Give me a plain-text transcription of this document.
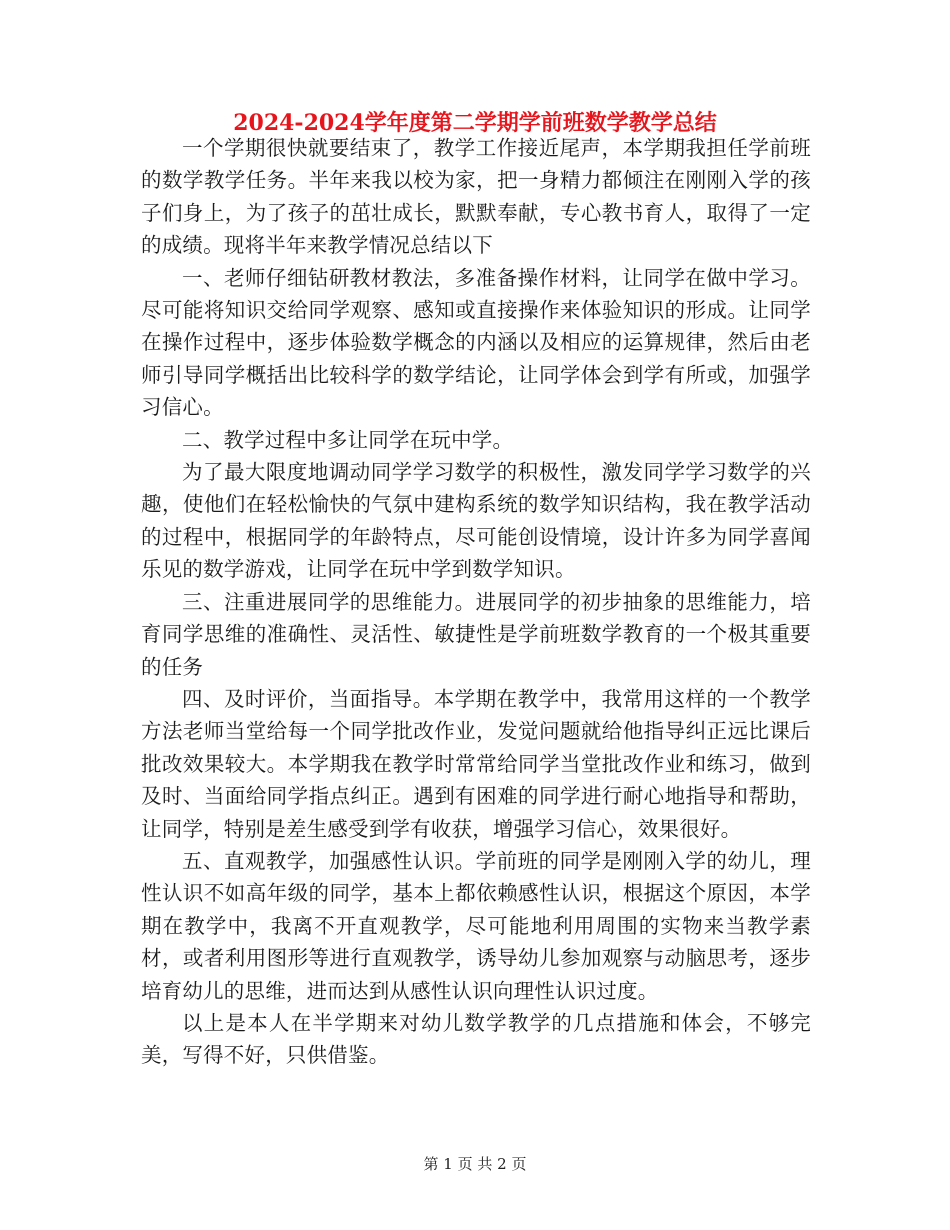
2024-2024学年度第二学期学前班数学教学总结

一个学期很快就要结束了，教学工作接近尾声，本学期我担任学前班的数学教学任务。半年来我以校为家，把一身精力都倾注在刚刚入学的孩子们身上，为了孩子的茁壮成长，默默奉献，专心教书育人，取得了一定的成绩。现将半年来教学情况总结以下

一、老师仔细钻研教材教法，多准备操作材料，让同学在做中学习。尽可能将知识交给同学观察、感知或直接操作来体验知识的形成。让同学在操作过程中，逐步体验数学概念的内涵以及相应的运算规律，然后由老师引导同学概括出比较科学的数学结论，让同学体会到学有所或，加强学习信心。

二、教学过程中多让同学在玩中学。

为了最大限度地调动同学学习数学的积极性，激发同学学习数学的兴趣，使他们在轻松愉快的气氛中建构系统的数学知识结构，我在教学活动的过程中，根据同学的年龄特点，尽可能创设情境，设计许多为同学喜闻乐见的数学游戏，让同学在玩中学到数学知识。

三、注重进展同学的思维能力。进展同学的初步抽象的思维能力，培育同学思维的准确性、灵活性、敏捷性是学前班数学教育的一个极其重要的任务

四、及时评价，当面指导。本学期在教学中，我常用这样的一个教学方法老师当堂给每一个同学批改作业，发觉问题就给他指导纠正远比课后批改效果较大。本学期我在教学时常常给同学当堂批改作业和练习，做到及时、当面给同学指点纠正。遇到有困难的同学进行耐心地指导和帮助，让同学，特别是差生感受到学有收获，增强学习信心，效果很好。

五、直观教学，加强感性认识。学前班的同学是刚刚入学的幼儿，理性认识不如高年级的同学，基本上都依赖感性认识，根据这个原因，本学期在教学中，我离不开直观教学，尽可能地利用周围的实物来当教学素材，或者利用图形等进行直观教学，诱导幼儿参加观察与动脑思考，逐步培育幼儿的思维，进而达到从感性认识向理性认识过度。

以上是本人在半学期来对幼儿数学教学的几点措施和体会，不够完美，写得不好，只供借鉴。

第 1 页 共 2 页
